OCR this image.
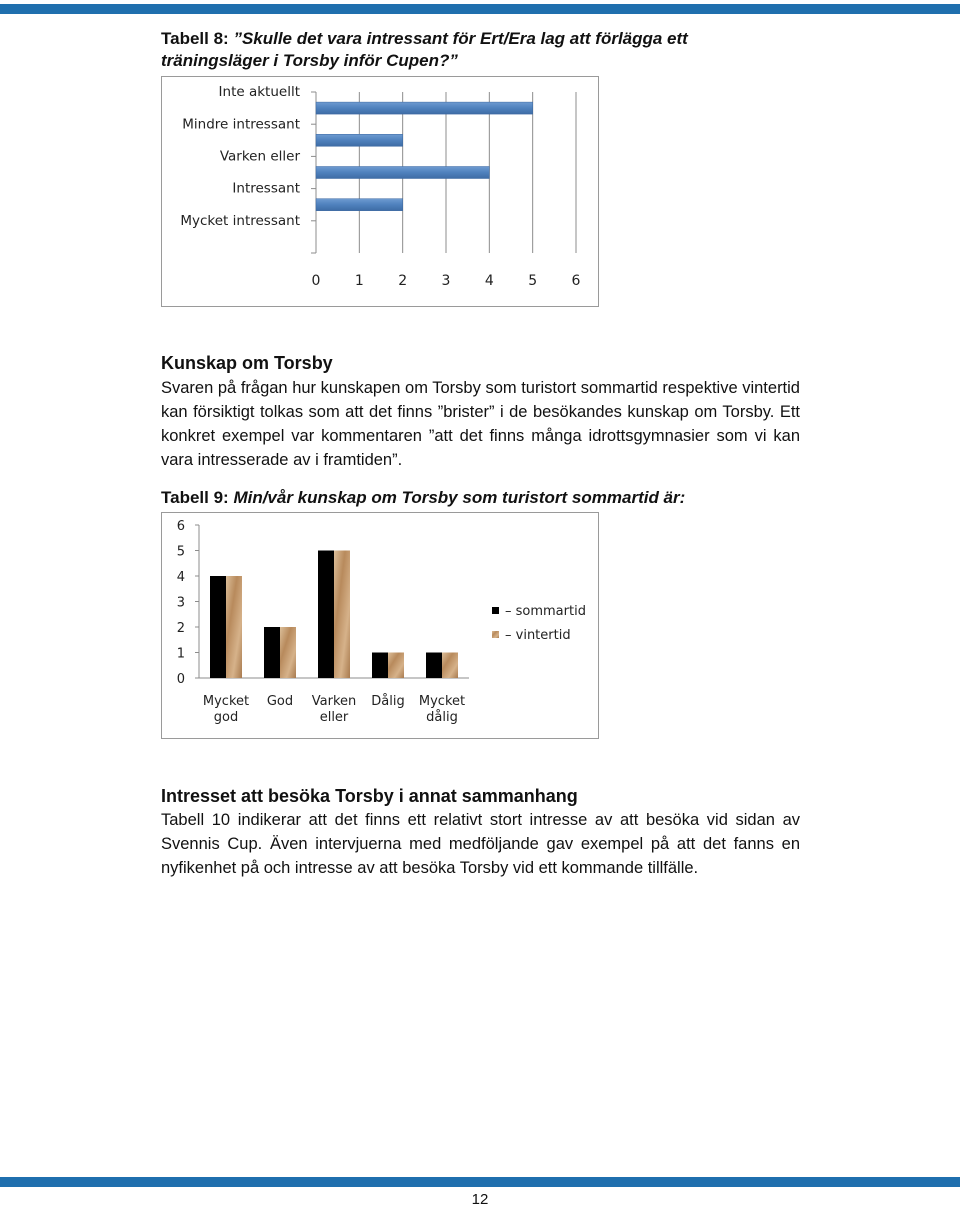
Tabell 8: ”Skulle det vara intressant för Ert/Era lag att förlägga ett träningsläger i Torsby inför Cupen?”
0 1 2 3 4 5 6
Inte aktuellt
Mindre intressant
Varken eller
Intressant
Mycket intressant
Kunskap om Torsby
Svaren på frågan hur kunskapen om Torsby som turistort sommartid respektive vintertid kan försiktigt tolkas som att det finns ”brister” i de besökandes kunskap om Torsby. Ett konkret exempel var kommentaren ”att det finns många idrottsgymnasier som vi kan vara intresserade av i framtiden”.
Tabell 9: Min/vår kunskap om Torsby som turistort sommartid är:
0
1
2
3
4
5
6
Mycket
god
God Varken
eller
Dålig Mycket
dålig
– sommartid
– vintertid
Intresset att besöka Torsby i annat sammanhang
Tabell 10 indikerar att det finns ett relativt stort intresse av att besöka vid sidan av Svennis Cup. Även intervjuerna med medföljande gav exempel på att det fanns en nyfikenhet på och intresse av att besöka Torsby vid ett kommande tillfälle.
12
